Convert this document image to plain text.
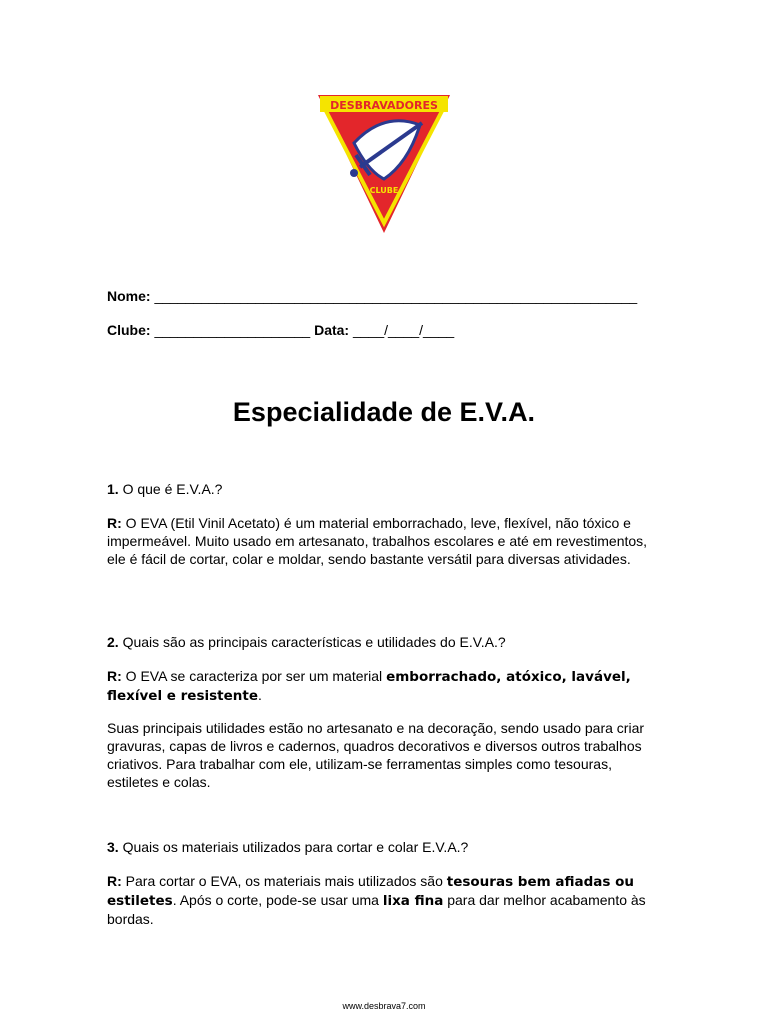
DESBRAVADORES
CLUBE
Nome: ______________________________________________________________
Clube: ____________________ Data: ____/____/____
Especialidade de E.V.A.
1. O que é E.V.A.?

R: O EVA (Etil Vinil Acetato) é um material emborrachado, leve, flexível, não tóxico e impermeável. Muito usado em artesanato, trabalhos escolares e até em revestimentos, ele é fácil de cortar, colar e moldar, sendo bastante versátil para diversas atividades.

2. Quais são as principais características e utilidades do E.V.A.?

R: O EVA se caracteriza por ser um material emborrachado, atóxico, lavável, flexível e resistente.

Suas principais utilidades estão no artesanato e na decoração, sendo usado para criar gravuras, capas de livros e cadernos, quadros decorativos e diversos outros trabalhos criativos. Para trabalhar com ele, utilizam-se ferramentas simples como tesouras, estiletes e colas.

3. Quais os materiais utilizados para cortar e colar E.V.A.?

R: Para cortar o EVA, os materiais mais utilizados são tesouras bem afiadas ou estiletes. Após o corte, pode-se usar uma lixa fina para dar melhor acabamento às bordas.

www.desbrava7.com
